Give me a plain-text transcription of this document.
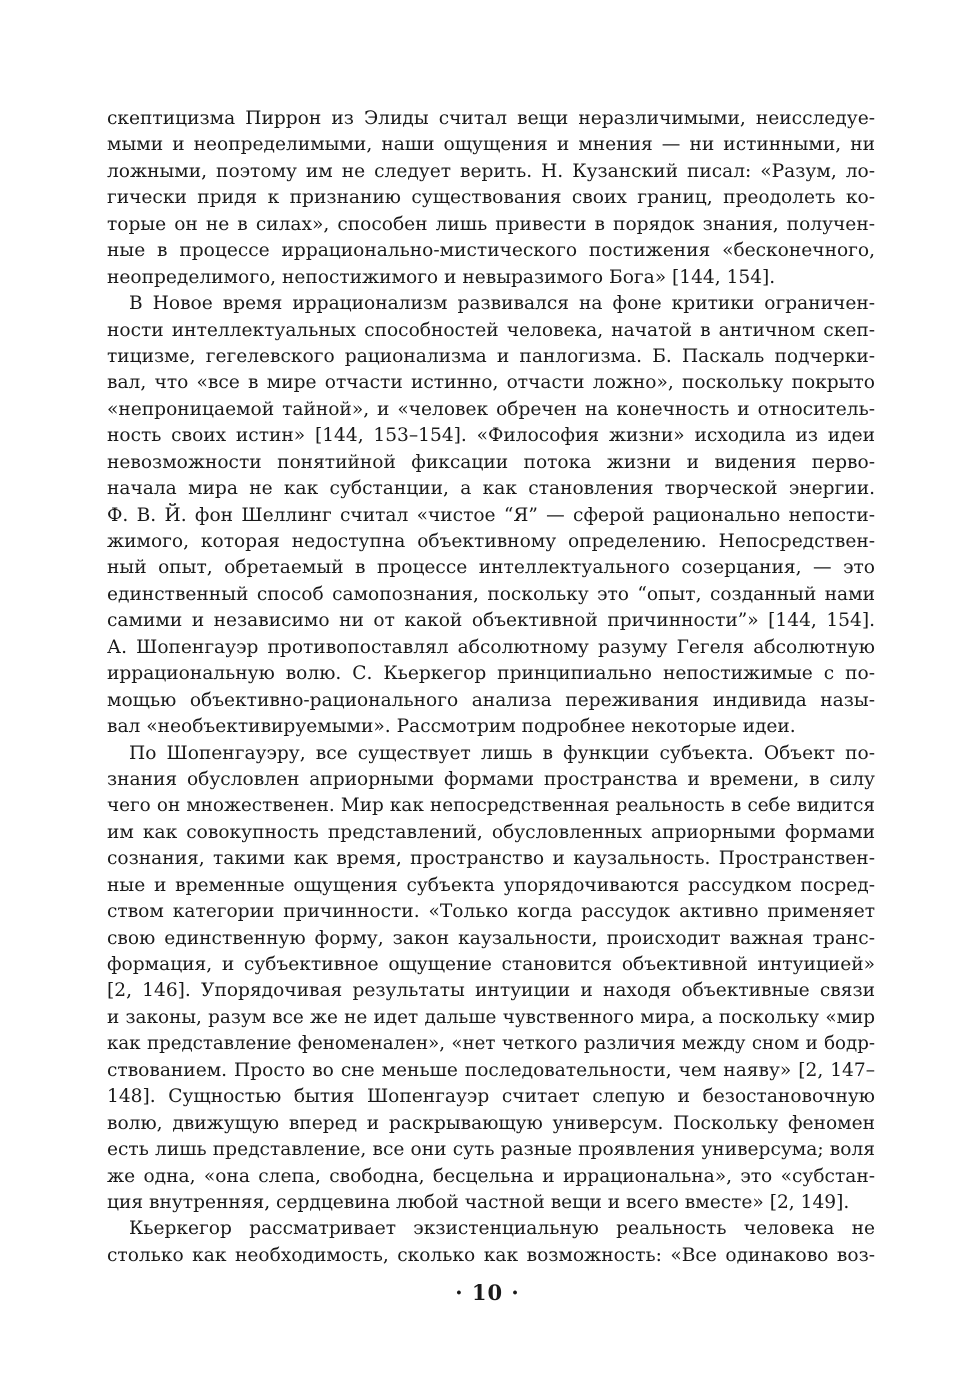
скептицизма Пиррон из Элиды считал вещи неразличимыми, неисследуе-
мыми и неопределимыми, наши ощущения и мнения — ни истинными, ни
ложными, поэтому им не следует верить. Н. Кузанский писал: «Разум, ло-
гически придя к признанию существования своих границ, преодолеть ко-
торые он не в силах», способен лишь привести в порядок знания, получен-
ные в процессе иррационально-мистического постижения «бесконечного,
неопределимого, непостижимого и невыразимого Бога» [144, 154].
В Новое время иррационализм развивался на фоне критики ограничен-
ности интеллектуальных способностей человека, начатой в античном скеп-
тицизме, гегелевского рационализма и панлогизма. Б. Паскаль подчерки-
вал, что «все в мире отчасти истинно, отчасти ложно», поскольку покрыто
«непроницаемой тайной», и «человек обречен на конечность и относитель-
ность своих истин» [144, 153–154]. «Философия жизни» исходила из идеи
невозможности понятийной фиксации потока жизни и видения перво-
начала мира не как субстанции, а как становления творческой энергии.
Ф. В. Й. фон Шеллинг считал «чистое “Я” — сферой рационально непости-
жимого, которая недоступна объективному определению. Непосредствен-
ный опыт, обретаемый в процессе интеллектуального созерцания, — это
единственный способ самопознания, поскольку это “опыт, созданный нами
самими и независимо ни от какой объективной причинности”» [144, 154].
А. Шопенгауэр противопоставлял абсолютному разуму Гегеля абсолютную
иррациональную волю. С. Кьеркегор принципиально непостижимые с по-
мощью объективно-рационального анализа переживания индивида назы-
вал «необъективируемыми». Рассмотрим подробнее некоторые идеи.
По Шопенгауэру, все существует лишь в функции субъекта. Объект по-
знания обусловлен априорными формами пространства и времени, в силу
чего он множественен. Мир как непосредственная реальность в себе видится
им как совокупность представлений, обусловленных априорными формами
сознания, такими как время, пространство и каузальность. Пространствен-
ные и временные ощущения субъекта упорядочиваются рассудком посред-
ством категории причинности. «Только когда рассудок активно применяет
свою единственную форму, закон каузальности, происходит важная транс-
формация, и субъективное ощущение становится объективной интуицией»
[2, 146]. Упорядочивая результаты интуиции и находя объективные связи
и законы, разум все же не идет дальше чувственного мира, а поскольку «мир
как представление феноменален», «нет четкого различия между сном и бодр-
ствованием. Просто во сне меньше последовательности, чем наяву» [2, 147–
148]. Сущностью бытия Шопенгауэр считает слепую и безостановочную
волю, движущую вперед и раскрывающую универсум. Поскольку феномен
есть лишь представление, все они суть разные проявления универсума; воля
же одна, «она слепа, свободна, бесцельна и иррациональна», это «субстан-
ция внутренняя, сердцевина любой частной вещи и всего вместе» [2, 149].
Кьеркегор рассматривает экзистенциальную реальность человека не
столько как необходимость, сколько как возможность: «Все одинаково воз-
· 10 ·
